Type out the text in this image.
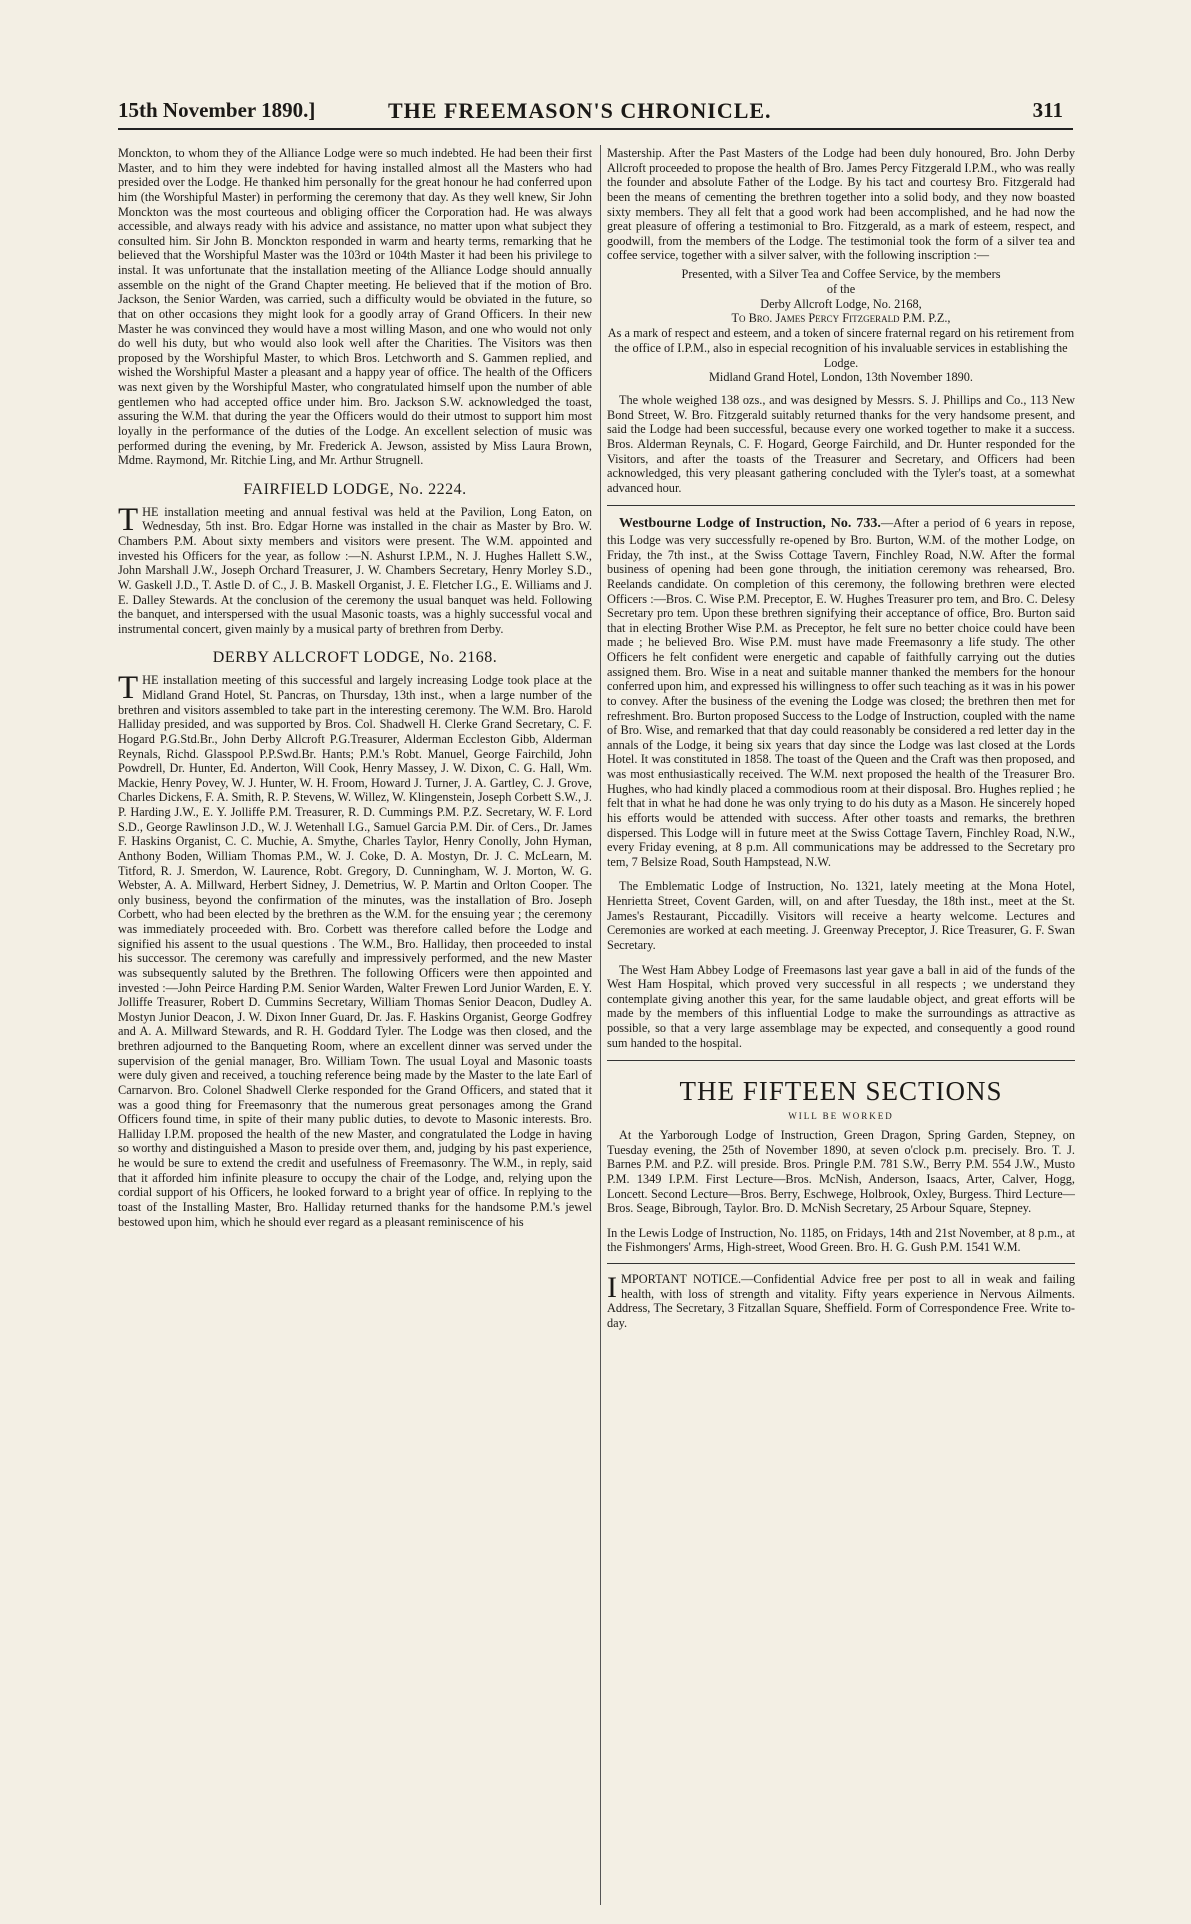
15th November 1890.]	THE FREEMASON'S CHRONICLE.	311

Monckton, to whom they of the Alliance Lodge were so much indebted. He had been their first Master, and to him they were indebted for having installed almost all the Masters who had presided over the Lodge. He thanked him personally for the great honour he had conferred upon him (the Worshipful Master) in performing the ceremony that day. As they well knew, Sir John Monckton was the most courteous and obliging officer the Corporation had. He was always accessible, and always ready with his advice and assistance, no matter upon what subject they consulted him. Sir John B. Monckton responded in warm and hearty terms, remarking that he believed that the Worshipful Master was the 103rd or 104th Master it had been his privilege to instal. It was unfortunate that the installation meeting of the Alliance Lodge should annually assemble on the night of the Grand Chapter meeting. He believed that if the motion of Bro. Jackson, the Senior Warden, was carried, such a difficulty would be obviated in the future, so that on other occasions they might look for a goodly array of Grand Officers. In their new Master he was convinced they would have a most willing Mason, and one who would not only do well his duty, but who would also look well after the Charities. The Visitors was then proposed by the Worshipful Master, to which Bros. Letchworth and S. Gammen replied, and wished the Worshipful Master a pleasant and a happy year of office. The health of the Officers was next given by the Worshipful Master, who congratulated himself upon the number of able gentlemen who had accepted office under him. Bro. Jackson S.W. acknowledged the toast, assuring the W.M. that during the year the Officers would do their utmost to support him most loyally in the performance of the duties of the Lodge. An excellent selection of music was performed during the evening, by Mr. Frederick A. Jewson, assisted by Miss Laura Brown, Mdme. Raymond, Mr. Ritchie Ling, and Mr. Arthur Strugnell.

FAIRFIELD LODGE, No. 2224.
T HE installation meeting and annual festival was held at the Pavilion, Long Eaton, on Wednesday, 5th inst. Bro. Edgar Horne was installed in the chair as Master by Bro. W. Chambers P.M. About sixty members and visitors were present. The W.M. appointed and invested his Officers for the year, as follow :—N. Ashurst I.P.M., N. J. Hughes Hallett S.W., John Marshall J.W., Joseph Orchard Treasurer, J. W. Chambers Secretary, Henry Morley S.D., W. Gaskell J.D., T. Astle D. of C., J. B. Maskell Organist, J. E. Fletcher I.G., E. Williams and J. E. Dalley Stewards. At the conclusion of the ceremony the usual banquet was held. Following the banquet, and interspersed with the usual Masonic toasts, was a highly successful vocal and instrumental concert, given mainly by a musical party of brethren from Derby.
DERBY ALLCROFT LODGE, No. 2168.
T HE installation meeting of this successful and largely increasing Lodge took place at the Midland Grand Hotel, St. Pancras, on Thursday, 13th inst., when a large number of the brethren and visitors assembled to take part in the interesting ceremony. The W.M. Bro. Harold Halliday presided, and was supported by Bros. Col. Shadwell H. Clerke Grand Secretary, C. F. Hogard P.G.Std.Br., John Derby Allcroft P.G.Treasurer, Alderman Eccleston Gibb, Alderman Reynals, Richd. Glasspool P.P.Swd.Br. Hants; P.M.'s Robt. Manuel, George Fairchild, John Powdrell, Dr. Hunter, Ed. Anderton, Will Cook, Henry Massey, J. W. Dixon, C. G. Hall, Wm. Mackie, Henry Povey, W. J. Hunter, W. H. Froom, Howard J. Turner, J. A. Gartley, C. J. Grove, Charles Dickens, F. A. Smith, R. P. Stevens, W. Willez, W. Klingenstein, Joseph Corbett S.W., J. P. Harding J.W., E. Y. Jolliffe P.M. Treasurer, R. D. Cummings P.M. P.Z. Secretary, W. F. Lord S.D., George Rawlinson J.D., W. J. Wetenhall I.G., Samuel Garcia P.M. Dir. of Cers., Dr. James F. Haskins Organist, C. C. Muchie, A. Smythe, Charles Taylor, Henry Conolly, John Hyman, Anthony Boden, William Thomas P.M., W. J. Coke, D. A. Mostyn, Dr. J. C. McLearn, M. Titford, R. J. Smerdon, W. Laurence, Robt. Gregory, D. Cunningham, W. J. Morton, W. G. Webster, A. A. Millward, Herbert Sidney, J. Demetrius, W. P. Martin and Orlton Cooper. The only business, beyond the confirmation of the minutes, was the installation of Bro. Joseph Corbett, who had been elected by the brethren as the W.M. for the ensuing year ; the ceremony was immediately proceeded with. Bro. Corbett was therefore called before the Lodge and signified his assent to the usual questions . The W.M., Bro. Halliday, then proceeded to instal his successor. The ceremony was carefully and impressively performed, and the new Master was subsequently saluted by the Brethren. The following Officers were then appointed and invested :—John Peirce Harding P.M. Senior Warden, Walter Frewen Lord Junior Warden, E. Y. Jolliffe Treasurer, Robert D. Cummins Secretary, William Thomas Senior Deacon, Dudley A. Mostyn Junior Deacon, J. W. Dixon Inner Guard, Dr. Jas. F. Haskins Organist, George Godfrey and A. A. Millward Stewards, and R. H. Goddard Tyler. The Lodge was then closed, and the brethren adjourned to the Banqueting Room, where an excellent dinner was served under the supervision of the genial manager, Bro. William Town. The usual Loyal and Masonic toasts were duly given and received, a touching reference being made by the Master to the late Earl of Carnarvon. Bro. Colonel Shadwell Clerke responded for the Grand Officers, and stated that it was a good thing for Freemasonry that the numerous great personages among the Grand Officers found time, in spite of their many public duties, to devote to Masonic interests. Bro. Halliday I.P.M. proposed the health of the new Master, and congratulated the Lodge in having so worthy and distinguished a Mason to preside over them, and, judging by his past experience, he would be sure to extend the credit and usefulness of Freemasonry. The W.M., in reply, said that it afforded him infinite pleasure to occupy the chair of the Lodge, and, relying upon the cordial support of his Officers, he looked forward to a bright year of office. In replying to the toast of the Installing Master, Bro. Halliday returned thanks for the handsome P.M.'s jewel bestowed upon him, which he should ever regard as a pleasant reminiscence of his

Mastership. After the Past Masters of the Lodge had been duly honoured, Bro. John Derby Allcroft proceeded to propose the health of Bro. James Percy Fitzgerald I.P.M., who was really the founder and absolute Father of the Lodge. By his tact and courtesy Bro. Fitzgerald had been the means of cementing the brethren together into a solid body, and they now boasted sixty members. They all felt that a good work had been accomplished, and he had now the great pleasure of offering a testimonial to Bro. Fitzgerald, as a mark of esteem, respect, and goodwill, from the members of the Lodge. The testimonial took the form of a silver tea and coffee service, together with a silver salver, with the following inscription :—

Presented, with a Silver Tea and Coffee Service, by the members
of the
Derby Allcroft Lodge, No. 2168,
To Bro. James Percy Fitzgerald P.M. P.Z.,
As a mark of respect and esteem, and a token of sincere fraternal regard on his retirement from the office of I.P.M., also in especial recognition of his invaluable services in establishing the Lodge.
Midland Grand Hotel, London, 13th November 1890.

The whole weighed 138 ozs., and was designed by Messrs. S. J. Phillips and Co., 113 New Bond Street, W. Bro. Fitzgerald suitably returned thanks for the very handsome present, and said the Lodge had been successful, because every one worked together to make it a success. Bros. Alderman Reynals, C. F. Hogard, George Fairchild, and Dr. Hunter responded for the Visitors, and after the toasts of the Treasurer and Secretary, and Officers had been acknowledged, this very pleasant gathering concluded with the Tyler's toast, at a somewhat advanced hour.

Westbourne Lodge of Instruction, No. 733.—After a period of 6 years in repose, this Lodge was very successfully re-opened by Bro. Burton, W.M. of the mother Lodge, on Friday, the 7th inst., at the Swiss Cottage Tavern, Finchley Road, N.W. After the formal business of opening had been gone through, the initiation ceremony was rehearsed, Bro. Reelands candidate. On completion of this ceremony, the following brethren were elected Officers :—Bros. C. Wise P.M. Preceptor, E. W. Hughes Treasurer pro tem, and Bro. C. Delesy Secretary pro tem. Upon these brethren signifying their acceptance of office, Bro. Burton said that in electing Brother Wise P.M. as Preceptor, he felt sure no better choice could have been made ; he believed Bro. Wise P.M. must have made Freemasonry a life study. The other Officers he felt confident were energetic and capable of faithfully carrying out the duties assigned them. Bro. Wise in a neat and suitable manner thanked the members for the honour conferred upon him, and expressed his willingness to offer such teaching as it was in his power to convey. After the business of the evening the Lodge was closed; the brethren then met for refreshment. Bro. Burton proposed Success to the Lodge of Instruction, coupled with the name of Bro. Wise, and remarked that that day could reasonably be considered a red letter day in the annals of the Lodge, it being six years that day since the Lodge was last closed at the Lords Hotel. It was constituted in 1858. The toast of the Queen and the Craft was then proposed, and was most enthusiastically received. The W.M. next proposed the health of the Treasurer Bro. Hughes, who had kindly placed a commodious room at their disposal. Bro. Hughes replied ; he felt that in what he had done he was only trying to do his duty as a Mason. He sincerely hoped his efforts would be attended with success. After other toasts and remarks, the brethren dispersed. This Lodge will in future meet at the Swiss Cottage Tavern, Finchley Road, N.W., every Friday evening, at 8 p.m. All communications may be addressed to the Secretary pro tem, 7 Belsize Road, South Hampstead, N.W.

The Emblematic Lodge of Instruction, No. 1321, lately meeting at the Mona Hotel, Henrietta Street, Covent Garden, will, on and after Tuesday, the 18th inst., meet at the St. James's Restaurant, Piccadilly. Visitors will receive a hearty welcome. Lectures and Ceremonies are worked at each meeting. J. Greenway Preceptor, J. Rice Treasurer, G. F. Swan Secretary.

The West Ham Abbey Lodge of Freemasons last year gave a ball in aid of the funds of the West Ham Hospital, which proved very successful in all respects ; we understand they contemplate giving another this year, for the same laudable object, and great efforts will be made by the members of this influential Lodge to make the surroundings as attractive as possible, so that a very large assemblage may be expected, and consequently a good round sum handed to the hospital.

THE FIFTEEN SECTIONS
WILL BE WORKED

At the Yarborough Lodge of Instruction, Green Dragon, Spring Garden, Stepney, on Tuesday evening, the 25th of November 1890, at seven o'clock p.m. precisely. Bro. T. J. Barnes P.M. and P.Z. will preside. Bros. Pringle P.M. 781 S.W., Berry P.M. 554 J.W., Musto P.M. 1349 I.P.M. First Lecture—Bros. McNish, Anderson, Isaacs, Arter, Calver, Hogg, Loncett. Second Lecture—Bros. Berry, Eschwege, Holbrook, Oxley, Burgess. Third Lecture—Bros. Seage, Bibrough, Taylor. Bro. D. McNish Secretary, 25 Arbour Square, Stepney.

In the Lewis Lodge of Instruction, No. 1185, on Fridays, 14th and 21st November, at 8 p.m., at the Fishmongers' Arms, High-street, Wood Green. Bro. H. G. Gush P.M. 1541 W.M.

I MPORTANT NOTICE.—Confidential Advice free per post to all in weak and failing health, with loss of strength and vitality. Fifty years experience in Nervous Ailments. Address, The Secretary, 3 Fitzallan Square, Sheffield. Form of Correspondence Free. Write to-day.
